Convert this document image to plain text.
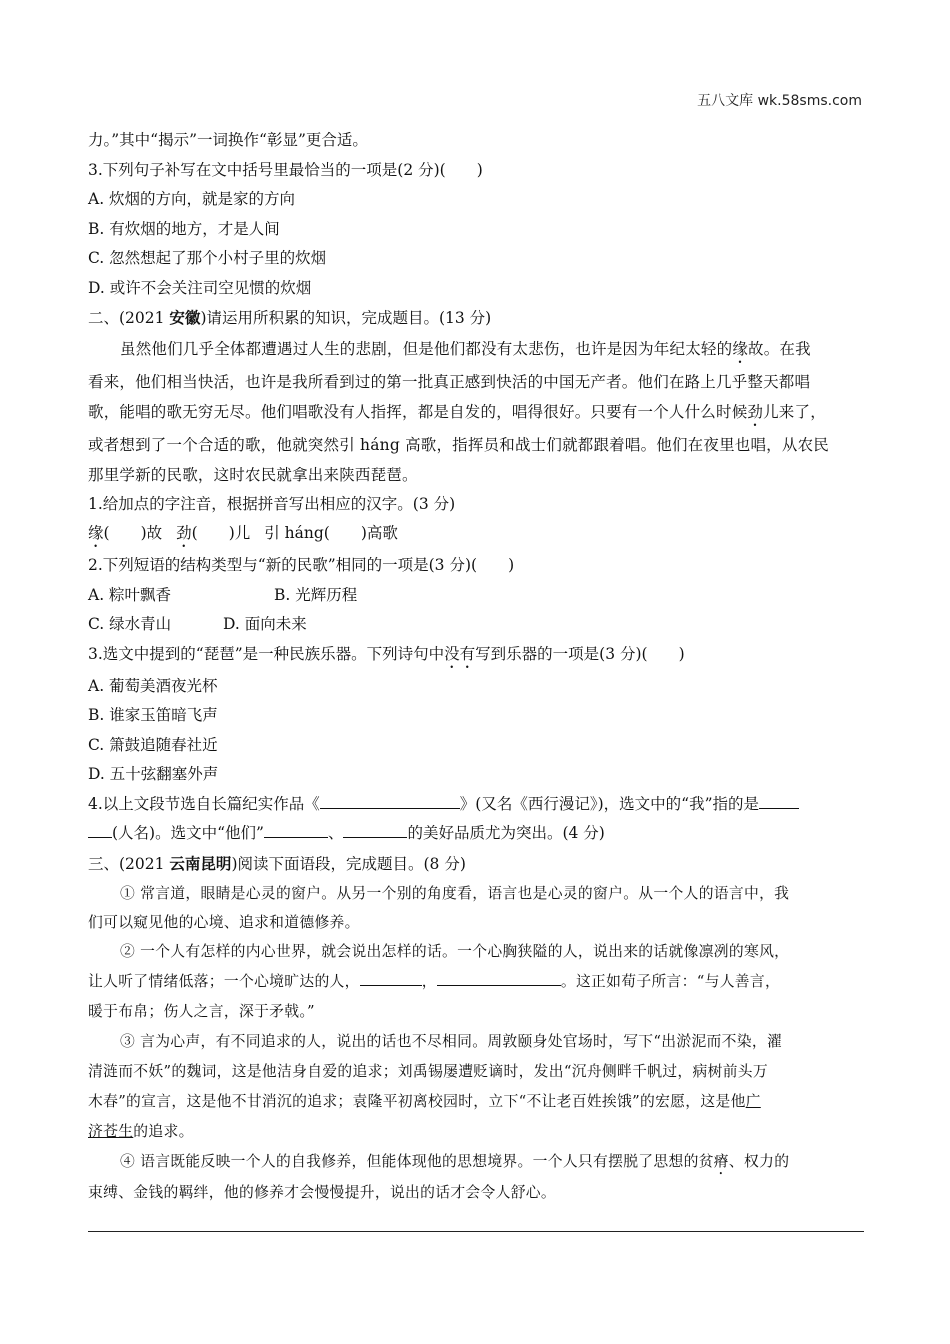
五八文库 wk.58sms.com
力。”其中“揭示”一词换作“彰显”更合适。
3.下列句子补写在文中括号里最恰当的一项是(2 分)(　　)
A. 炊烟的方向，就是家的方向
B. 有炊烟的地方，才是人间
C. 忽然想起了那个小村子里的炊烟
D. 或许不会关注司空见惯的炊烟
二、(2021 安徽)请运用所积累的知识，完成题目。(13 分)
虽然他们几乎全体都遭遇过人生的悲剧，但是他们都没有太悲伤，也许是因为年纪太轻的缘故。在我
看来，他们相当快活，也许是我所看到过的第一批真正感到快活的中国无产者。他们在路上几乎整天都唱
歌，能唱的歌无穷无尽。他们唱歌没有人指挥，都是自发的，唱得很好。只要有一个人什么时候劲儿来了，
或者想到了一个合适的歌，他就突然引 háng 高歌，指挥员和战士们就都跟着唱。他们在夜里也唱，从农民
那里学新的民歌，这时农民就拿出来陕西琵琶。
1.给加点的字注音，根据拼音写出相应的汉字。(3 分)
缘(　　)故 劲(　　)儿 引 háng(　　)高歌
2.下列短语的结构类型与“新的民歌”相同的一项是(3 分)(　　)
A. 粽叶飘香	B. 光辉历程
C. 绿水青山	D. 面向未来
3.选文中提到的“琵琶”是一种民族乐器。下列诗句中没有写到乐器的一项是(3 分)(　　)
A. 葡萄美酒夜光杯
B. 谁家玉笛暗飞声
C. 箫鼓追随春社近
D. 五十弦翻塞外声
4.以上文段节选自长篇纪实作品《	》(又名《西行漫记》)，选文中的“我”指的是
(人名)。选文中“他们”	、	的美好品质尤为突出。(4 分)
三、(2021 云南昆明)阅读下面语段，完成题目。(8 分)
① 常言道，眼睛是心灵的窗户。从另一个别的角度看，语言也是心灵的窗户。从一个人的语言中，我
们可以窥见他的心境、追求和道德修养。
② 一个人有怎样的内心世界，就会说出怎样的话。一个心胸狭隘的人，说出来的话就像凛冽的寒风，
让人听了情绪低落；一个心境旷达的人，	，	。这正如荀子所言：“与人善言，
暖于布帛；伤人之言，深于矛戟。”
③ 言为心声，有不同追求的人，说出的话也不尽相同。周敦颐身处官场时，写下“出淤泥而不染，濯
清涟而不妖”的魏词，这是他洁身自爱的追求；刘禹锡屡遭贬谪时，发出“沉舟侧畔千帆过，病树前头万
木春”的宣言，这是他不甘消沉的追求；袁隆平初离校园时，立下“不让老百姓挨饿”的宏愿，这是他广
济苍生的追求。
④ 语言既能反映一个人的自我修养，但能体现他的思想境界。一个人只有摆脱了思想的贫瘠、权力的
束缚、金钱的羁绊，他的修养才会慢慢提升，说出的话才会令人舒心。
